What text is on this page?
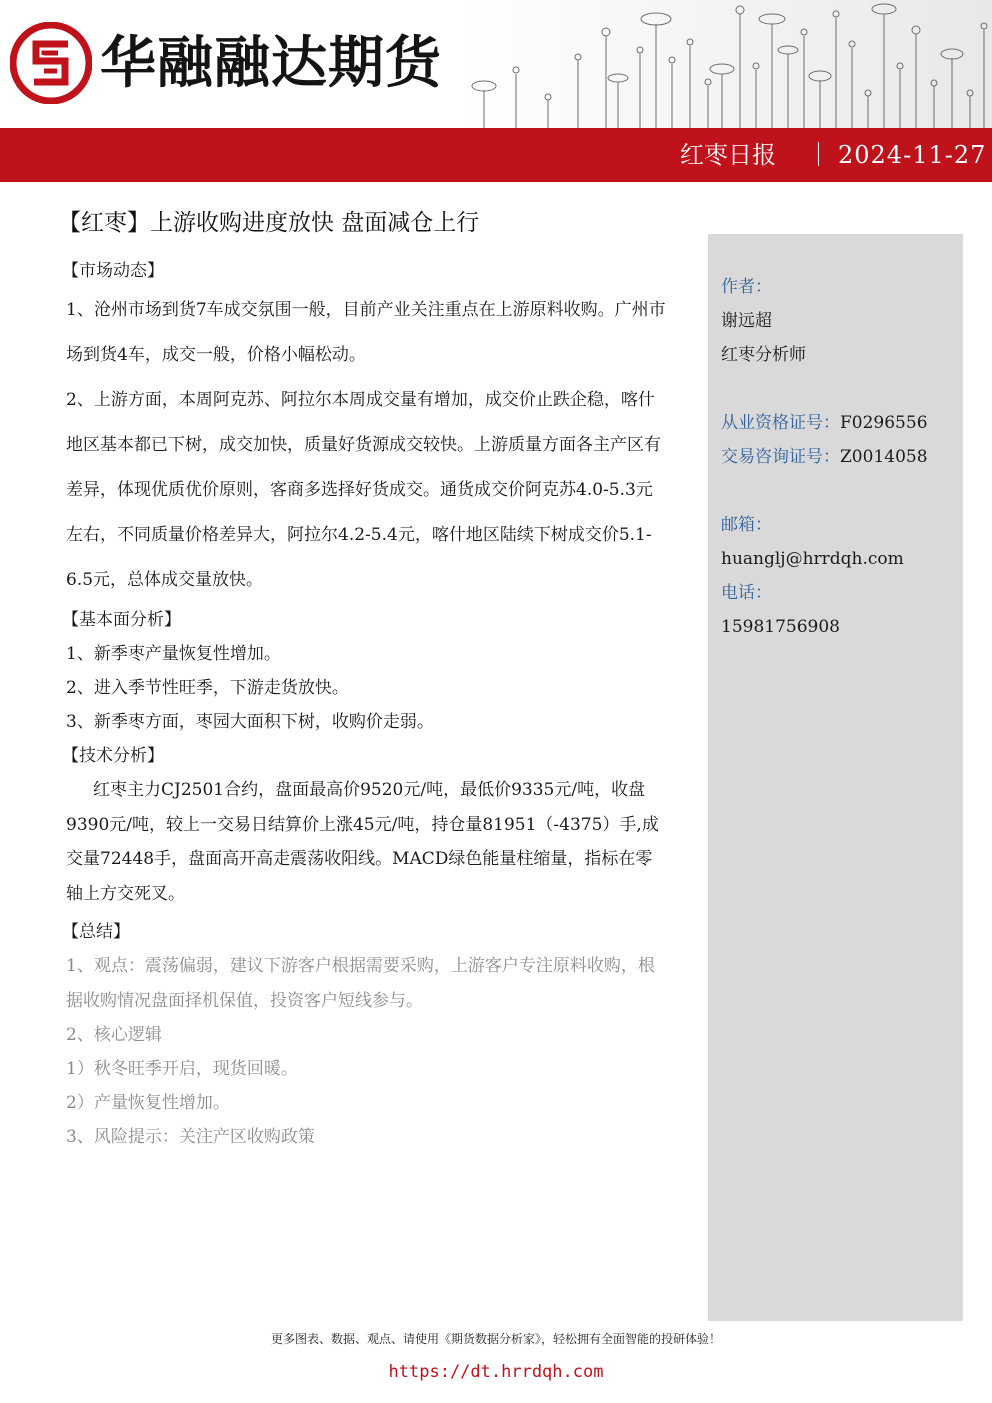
华融融达期货
红枣日报	2024-11-27
【红枣】上游收购进度放快 盘面减仓上行
【市场动态】

1、沧州市场到货7车成交氛围一般，目前产业关注重点在上游原料收购。广州市场到货4车，成交一般，价格小幅松动。

2、上游方面，本周阿克苏、阿拉尔本周成交量有增加，成交价止跌企稳，喀什地区基本都已下树，成交加快，质量好货源成交较快。上游质量方面各主产区有差异，体现优质优价原则，客商多选择好货成交。通货成交价阿克苏4.0-5.3元左右，不同质量价格差异大，阿拉尔4.2-5.4元，喀什地区陆续下树成交价5.1-6.5元，总体成交量放快。

【基本面分析】

1、新季枣产量恢复性增加。

2、进入季节性旺季，下游走货放快。

3、新季枣方面，枣园大面积下树，收购价走弱。

【技术分析】

红枣主力CJ2501合约，盘面最高价9520元/吨，最低价9335元/吨，收盘9390元/吨，较上一交易日结算价上涨45元/吨，持仓量81951（-4375）手,成交量72448手，盘面高开高走震荡收阳线。MACD绿色能量柱缩量，指标在零轴上方交死叉。

【总结】

1、观点：震荡偏弱，建议下游客户根据需要采购，上游客户专注原料收购，根据收购情况盘面择机保值，投资客户短线参与。

2、核心逻辑

1）秋冬旺季开启，现货回暖。

2）产量恢复性增加。

3、风险提示：关注产区收购政策

作者：
谢远超
红枣分析师
从业资格证号：F0296556
交易咨询证号：Z0014058
邮箱：
huanglj@hrrdqh.com
电话：
15981756908
更多图表、数据、观点、请使用《期货数据分析家》，轻松拥有全面智能的投研体验！
https://dt.hrrdqh.com
